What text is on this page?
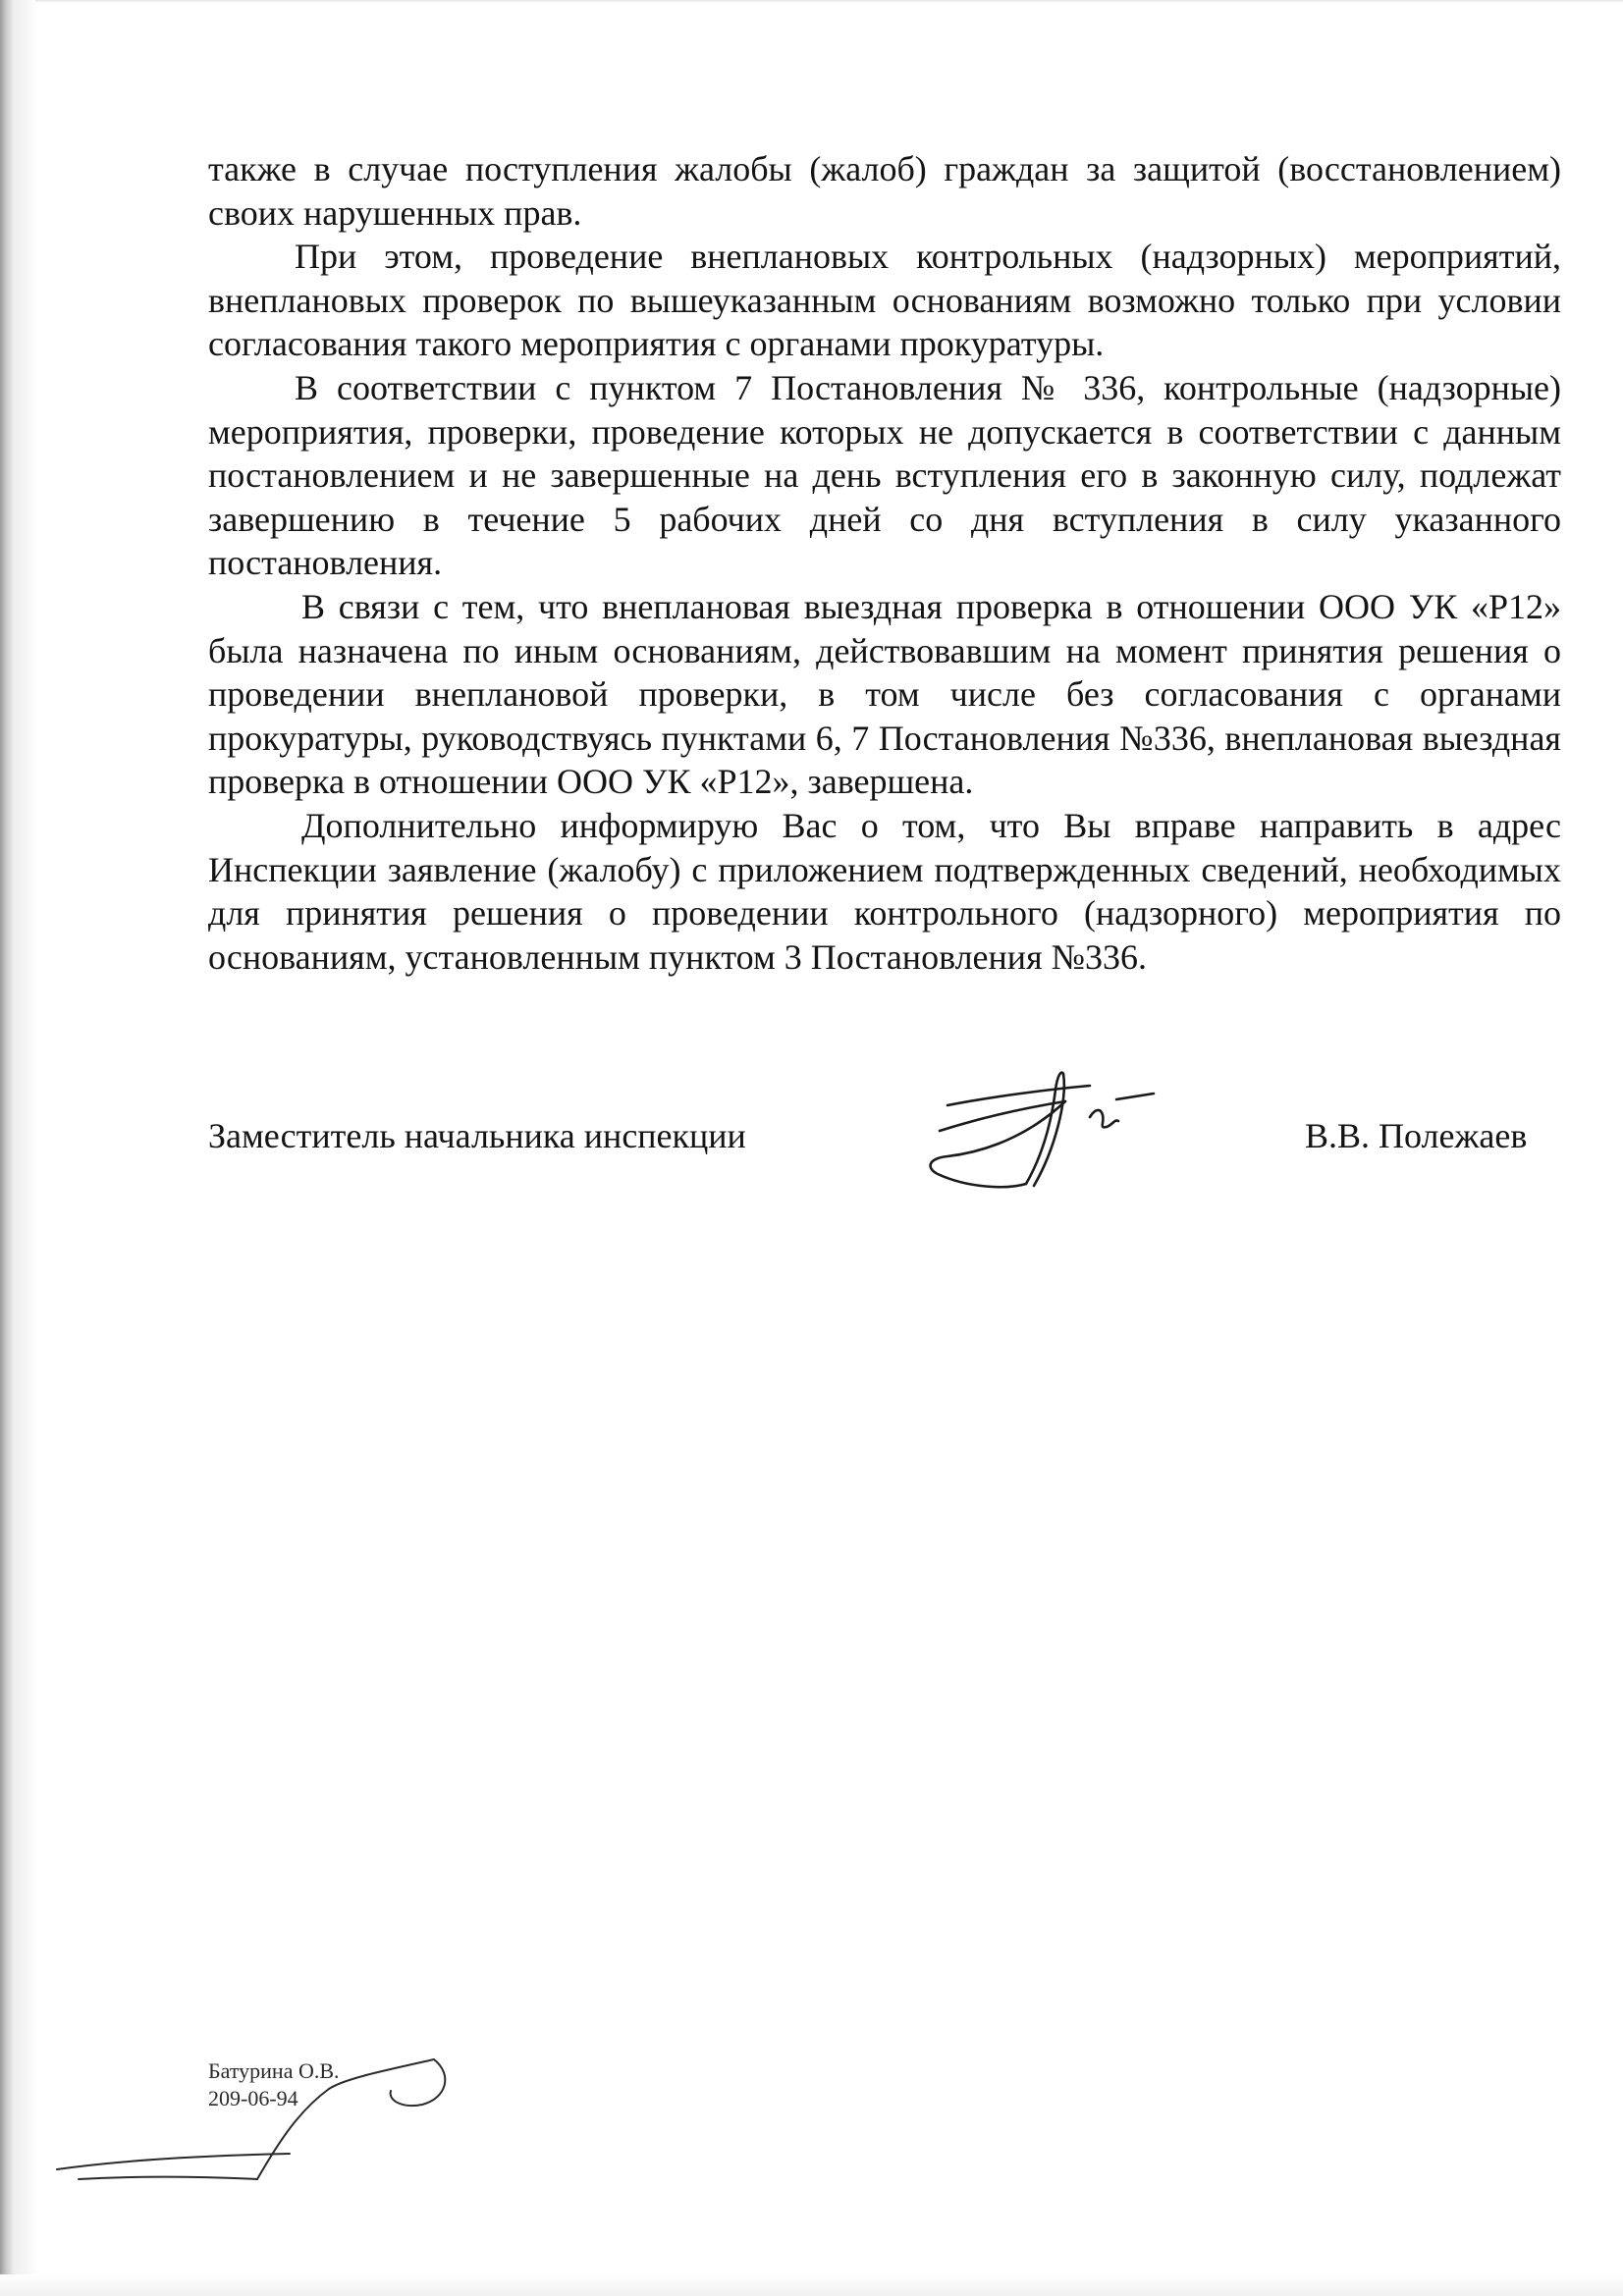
также в случае поступления жалобы (жалоб) граждан за защитой (восстановлением) своих нарушенных прав.

При этом, проведение внеплановых контрольных (надзорных) мероприятий, внеплановых проверок по вышеуказанным основаниям возможно только при условии согласования такого мероприятия с органами прокуратуры.

В соответствии с пунктом 7 Постановления № 336, контрольные (надзорные) мероприятия, проверки, проведение которых не допускается в соответствии с данным постановлением и не завершенные на день вступления его в законную силу, подлежат завершению в течение 5 рабочих дней со дня вступления в силу указанного постановления.

В связи с тем, что внеплановая выездная проверка в отношении ООО УК «Р12» была назначена по иным основаниям, действовавшим на момент принятия решения о проведении внеплановой проверки, в том числе без согласования с органами прокуратуры, руководствуясь пунктами 6, 7 Постановления №336, внеплановая выездная проверка в отношении ООО УК «Р12», завершена.

Дополнительно информирую Вас о том, что Вы вправе направить в адрес Инспекции заявление (жалобу) с приложением подтвержденных сведений, необходимых для принятия решения о проведении контрольного (надзорного) мероприятия по основаниям, установленным пунктом 3 Постановления №336.

Заместитель начальника инспекции	В.В. Полежаев
Батурина О.В.
209-06-94
